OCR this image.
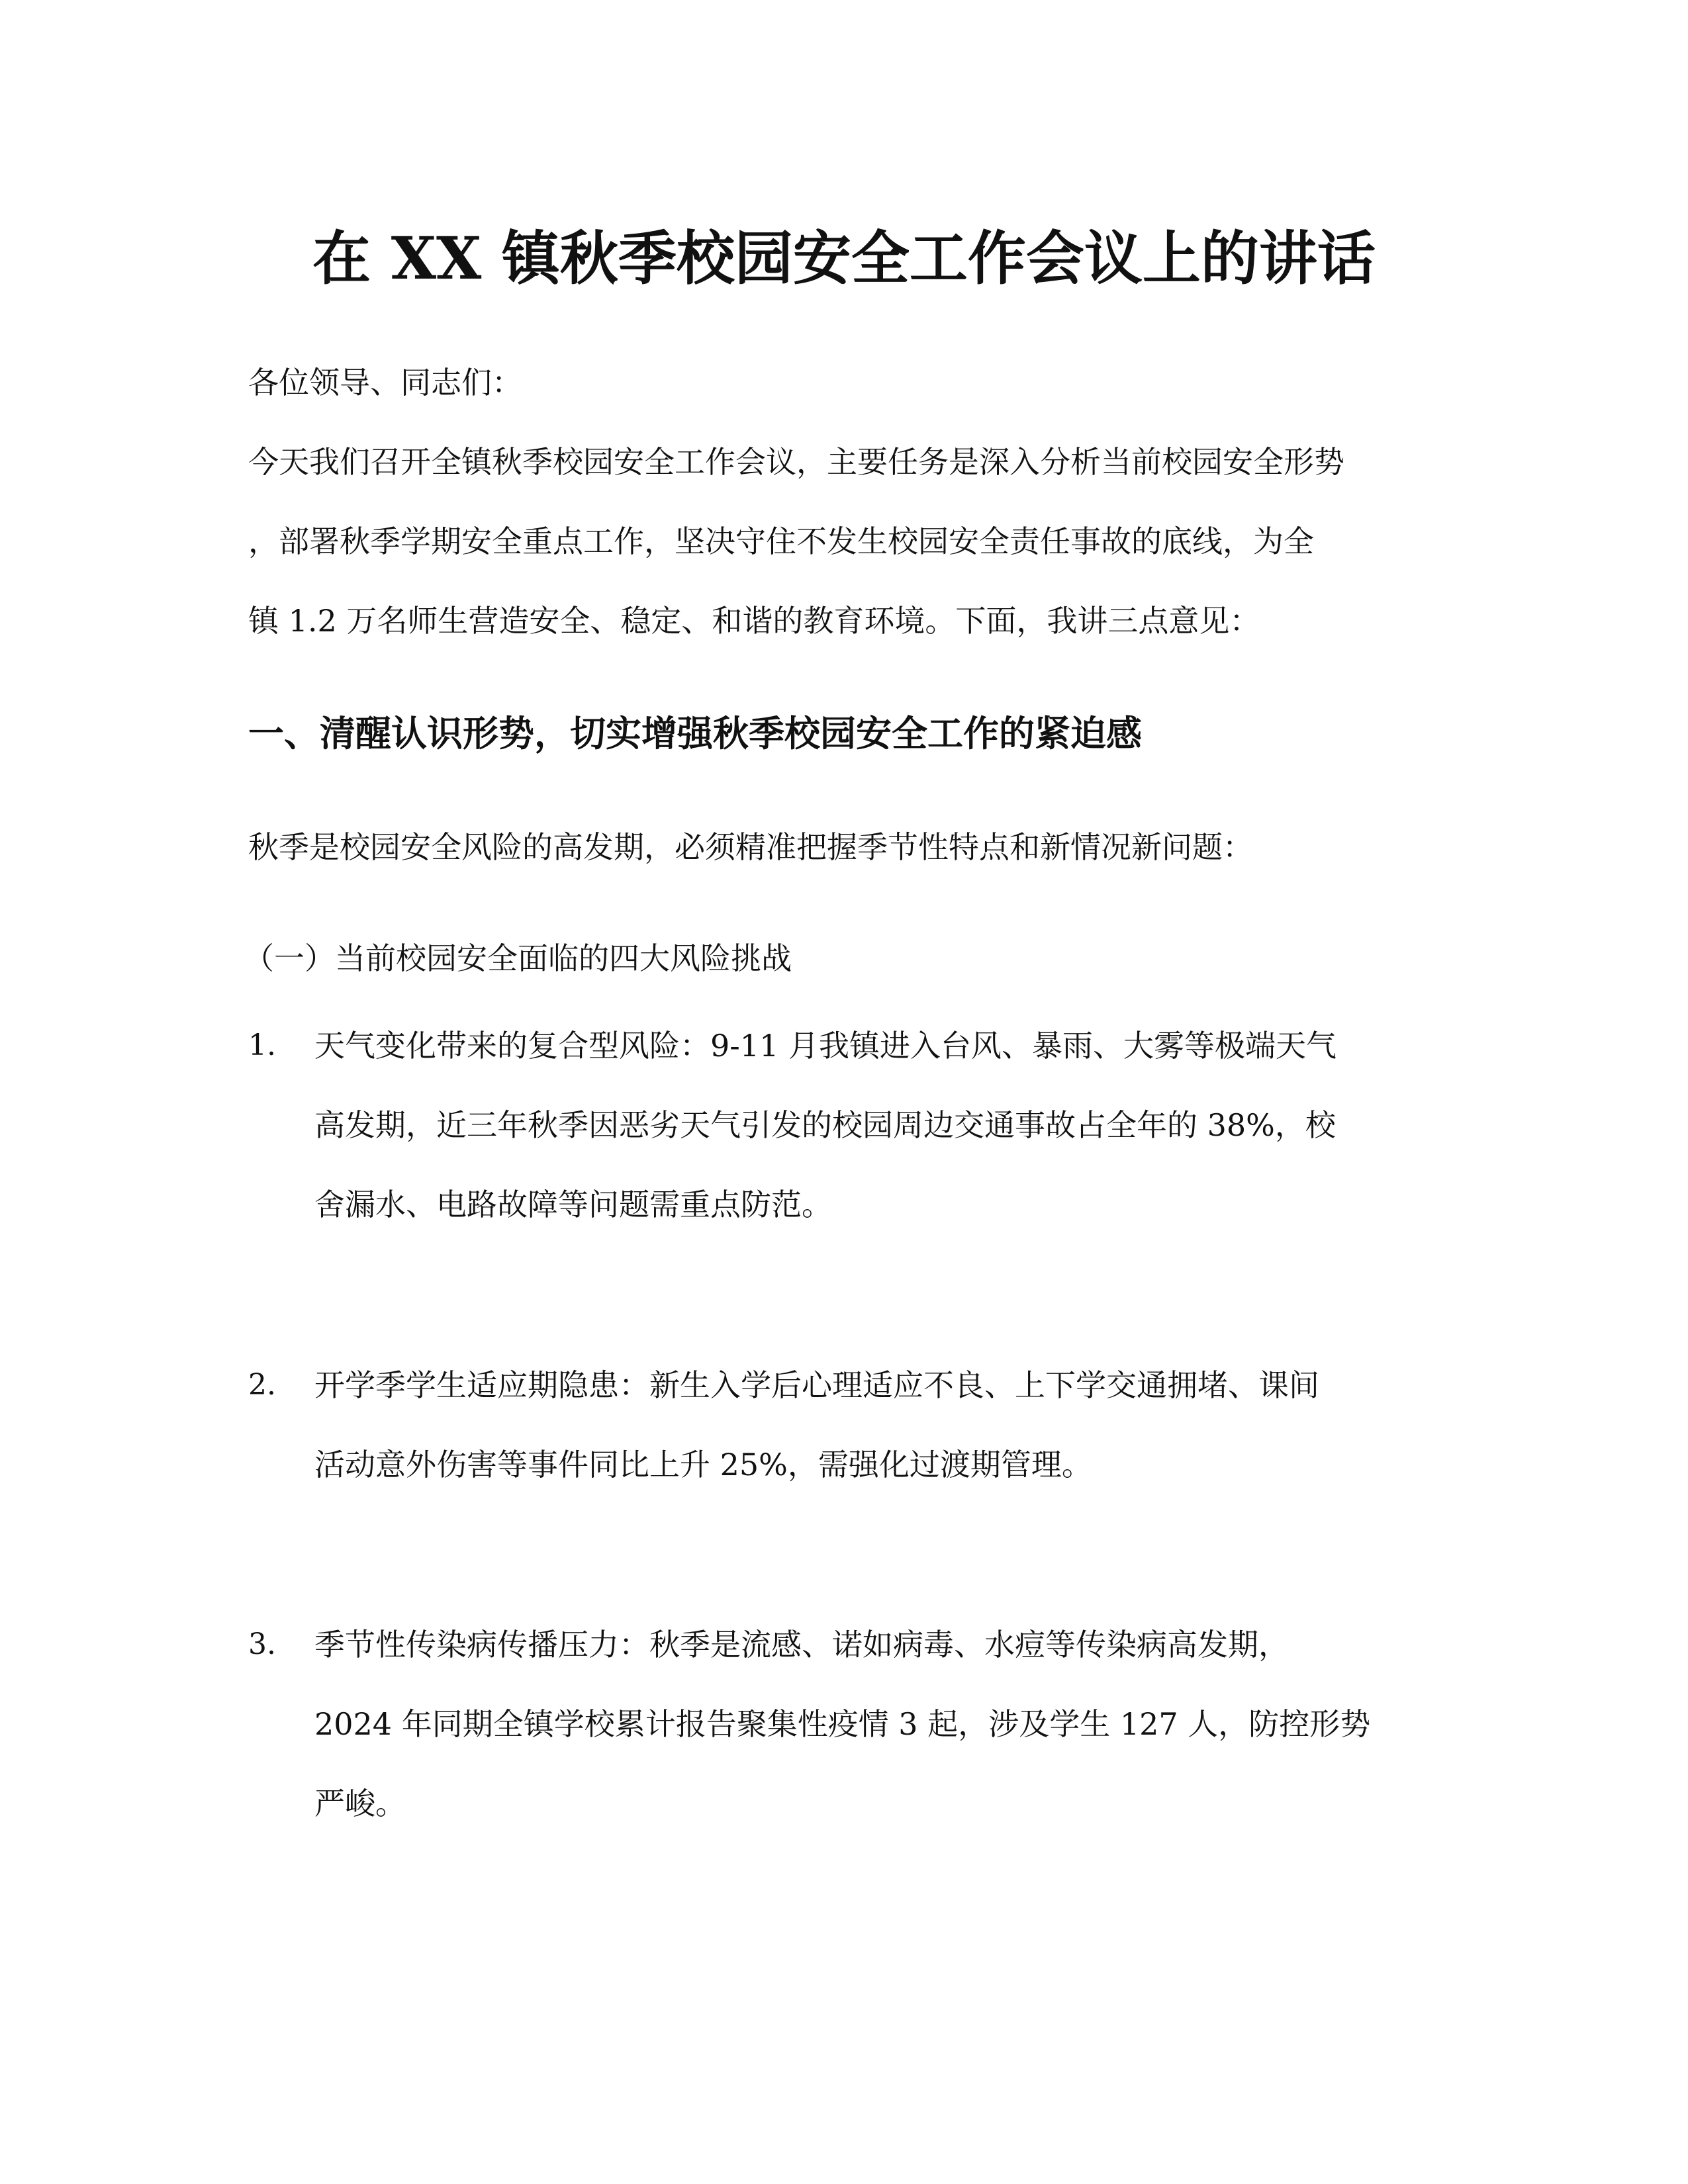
在 XX 镇秋季校园安全工作会议上的讲话
各位领导、同志们：
今天我们召开全镇秋季校园安全工作会议，主要任务是深入分析当前校园安全形势
，部署秋季学期安全重点工作，坚决守住不发生校园安全责任事故的底线，为全
镇 1.2 万名师生营造安全、稳定、和谐的教育环境。下面，我讲三点意见：
一、清醒认识形势，切实增强秋季校园安全工作的紧迫感
秋季是校园安全风险的高发期，必须精准把握季节性特点和新情况新问题：
（一）当前校园安全面临的四大风险挑战
1. 天气变化带来的复合型风险：9-11 月我镇进入台风、暴雨、大雾等极端天气
高发期，近三年秋季因恶劣天气引发的校园周边交通事故占全年的 38%，校
舍漏水、电路故障等问题需重点防范。
2. 开学季学生适应期隐患：新生入学后心理适应不良、上下学交通拥堵、课间
活动意外伤害等事件同比上升 25%，需强化过渡期管理。
3. 季节性传染病传播压力：秋季是流感、诺如病毒、水痘等传染病高发期，
2024 年同期全镇学校累计报告聚集性疫情 3 起，涉及学生 127 人，防控形势
严峻。
